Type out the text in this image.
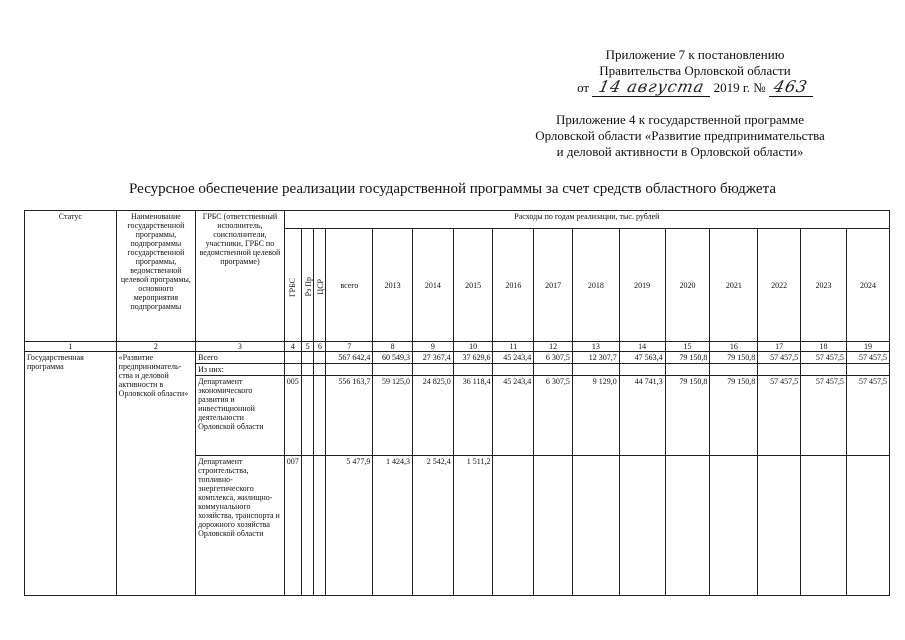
Приложение 7 к постановлению
Правительства Орловской области
от 14 августа 2019 г. № 463
Приложение 4 к государственной программе
Орловской области «Развитие предпринимательства
и деловой активности в Орловской области»
Ресурсное обеспечение реализации государственной программы за счет средств областного бюджета
Статус	Наименование государственной программы, подпрограммы государственной программы, ведомственной целевой программы, основного мероприятия подпрограммы	ГРБС (ответственный исполнитель, соисполнители, участники, ГРБС по ведомственной целевой программе)	Расходы по годам реализации, тыс. рублей															

			ГРБС	Рз Пр	ЦСР	всего	2013	2014	2015	2016	2017	2018	2019	2020	2021	2022	2023	2024
1	2	3	4	5	6	7	8	9	10	11	12	13	14	15	16	17	18	19
Государственная программа	«Развитие предприниматель-ства и деловой активности в Орловской области»	Всего				567 642,4	60 549,3	27 367,4	37 629,6	45 243,4	6 307,5	12 307,7	47 563,4	79 150,8	79 150,8	57 457,5	57 457,5	57 457,5
		Из них:																
		Департамент экономического развития и инвестиционной деятельности Орловской области	005			556 163,7	59 125,0	24 825,0	36 118,4	45 243,4	6 307,5	9 129,0	44 741,3	79 150,8	79 150,8	57 457,5	57 457,5	57 457,5
		Департамент строительства, топливно-энергетического комплекса, жилищно-коммунального хозяйства, транспорта и дорожного хозяйства Орловской области	007			5 477,9	1 424,3	2 542,4	1 511,2									
